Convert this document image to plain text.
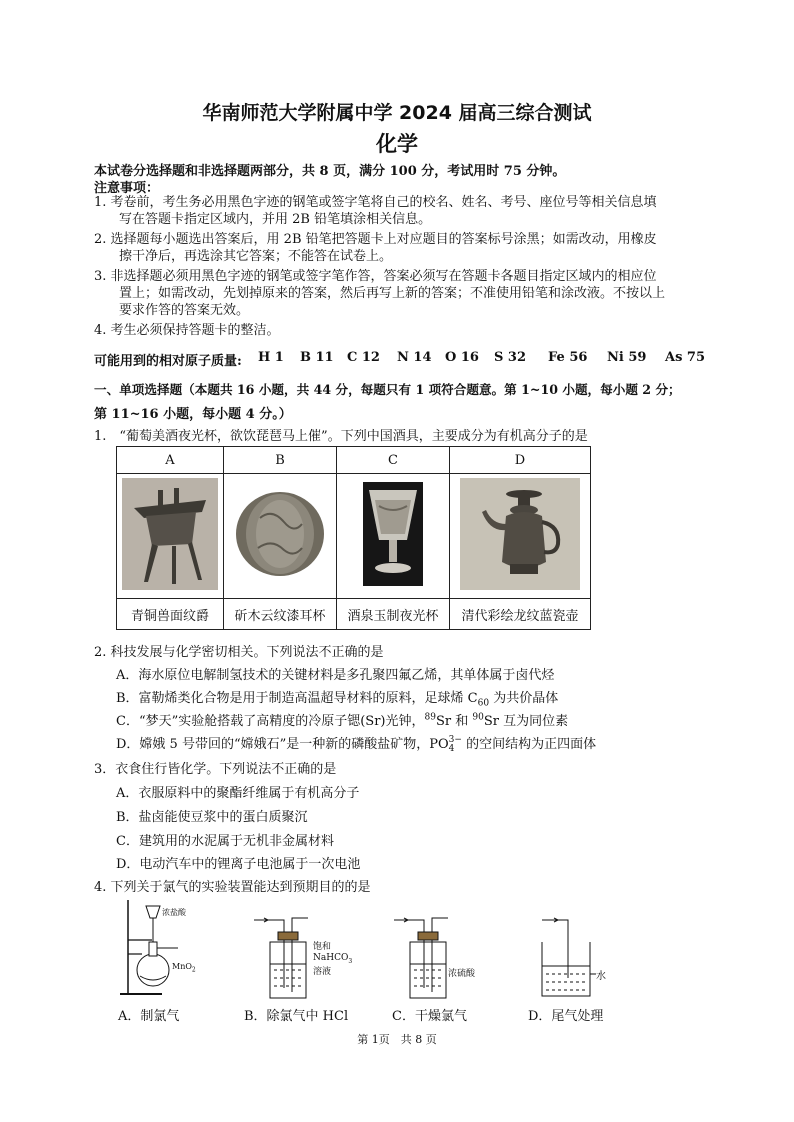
华南师范大学附属中学 2024 届高三综合测试
化学
本试卷分选择题和非选择题两部分，共 8 页，满分 100 分，考试用时 75 分钟。
注意事项：
1. 考卷前，考生务必用黑色字迹的钢笔或签字笔将自己的校名、姓名、考号、座位号等相关信息填
写在答题卡指定区域内，并用 2B 铅笔填涂相关信息。
2. 选择题每小题选出答案后，用 2B 铅笔把答题卡上对应题目的答案标号涂黑；如需改动，用橡皮
擦干净后，再选涂其它答案；不能答在试卷上。
3. 非选择题必须用黑色字迹的钢笔或签字笔作答，答案必须写在答题卡各题目指定区域内的相应位
置上；如需改动，先划掉原来的答案，然后再写上新的答案；不准使用铅笔和涂改液。不按以上
要求作答的答案无效。
4. 考生必须保持答题卡的整洁。
可能用到的相对原子质量: H 1 B 11 C 12 N 14 O 16 S 32 Fe 56 Ni 59 As 75
一、单项选择题（本题共 16 小题，共 44 分，每题只有 1 项符合题意。第 1~10 小题，每小题 2 分；
第 11~16 小题，每小题 4 分。）
1.　“葡萄美酒夜光杯，欲饮琵琶马上催”。下列中国酒具，主要成分为有机高分子的是
A	B	C	D

青铜兽面纹爵	斫木云纹漆耳杯	酒泉玉制夜光杯	清代彩绘龙纹蓝瓷壶
2. 科技发展与化学密切相关。下列说法不正确的是
A．海水原位电解制氢技术的关键材料是多孔聚四氟乙烯，其单体属于卤代烃
B．富勒烯类化合物是用于制造高温超导材料的原料，足球烯 $C_{60}$ 为共价晶体
C．“梦天”实验舱搭载了高精度的冷原子锶(Sr)光钟，$^{89}$Sr 和 $^{90}$Sr 互为同位素
D．嫦娥 5 号带回的“嫦娥石”是一种新的磷酸盐矿物，PO 3−
4 的空间结构为正四面体
3．衣食住行皆化学。下列说法不正确的是
A．衣服原料中的聚酯纤维属于有机高分子
B．盐卤能使豆浆中的蛋白质聚沉
C．建筑用的水泥属于无机非金属材料
D．电动汽车中的锂离子电池属于一次电池
4. 下列关于氯气的实验装置能达到预期目的的是
浓盐酸
MnO$_2$
饱和
NaHCO$_3$
溶液	浓硫酸	水
A．制氯气	B．除氯气中 HCl	C．干燥氯气	D．尾气处理
第 1页　共 8 页
